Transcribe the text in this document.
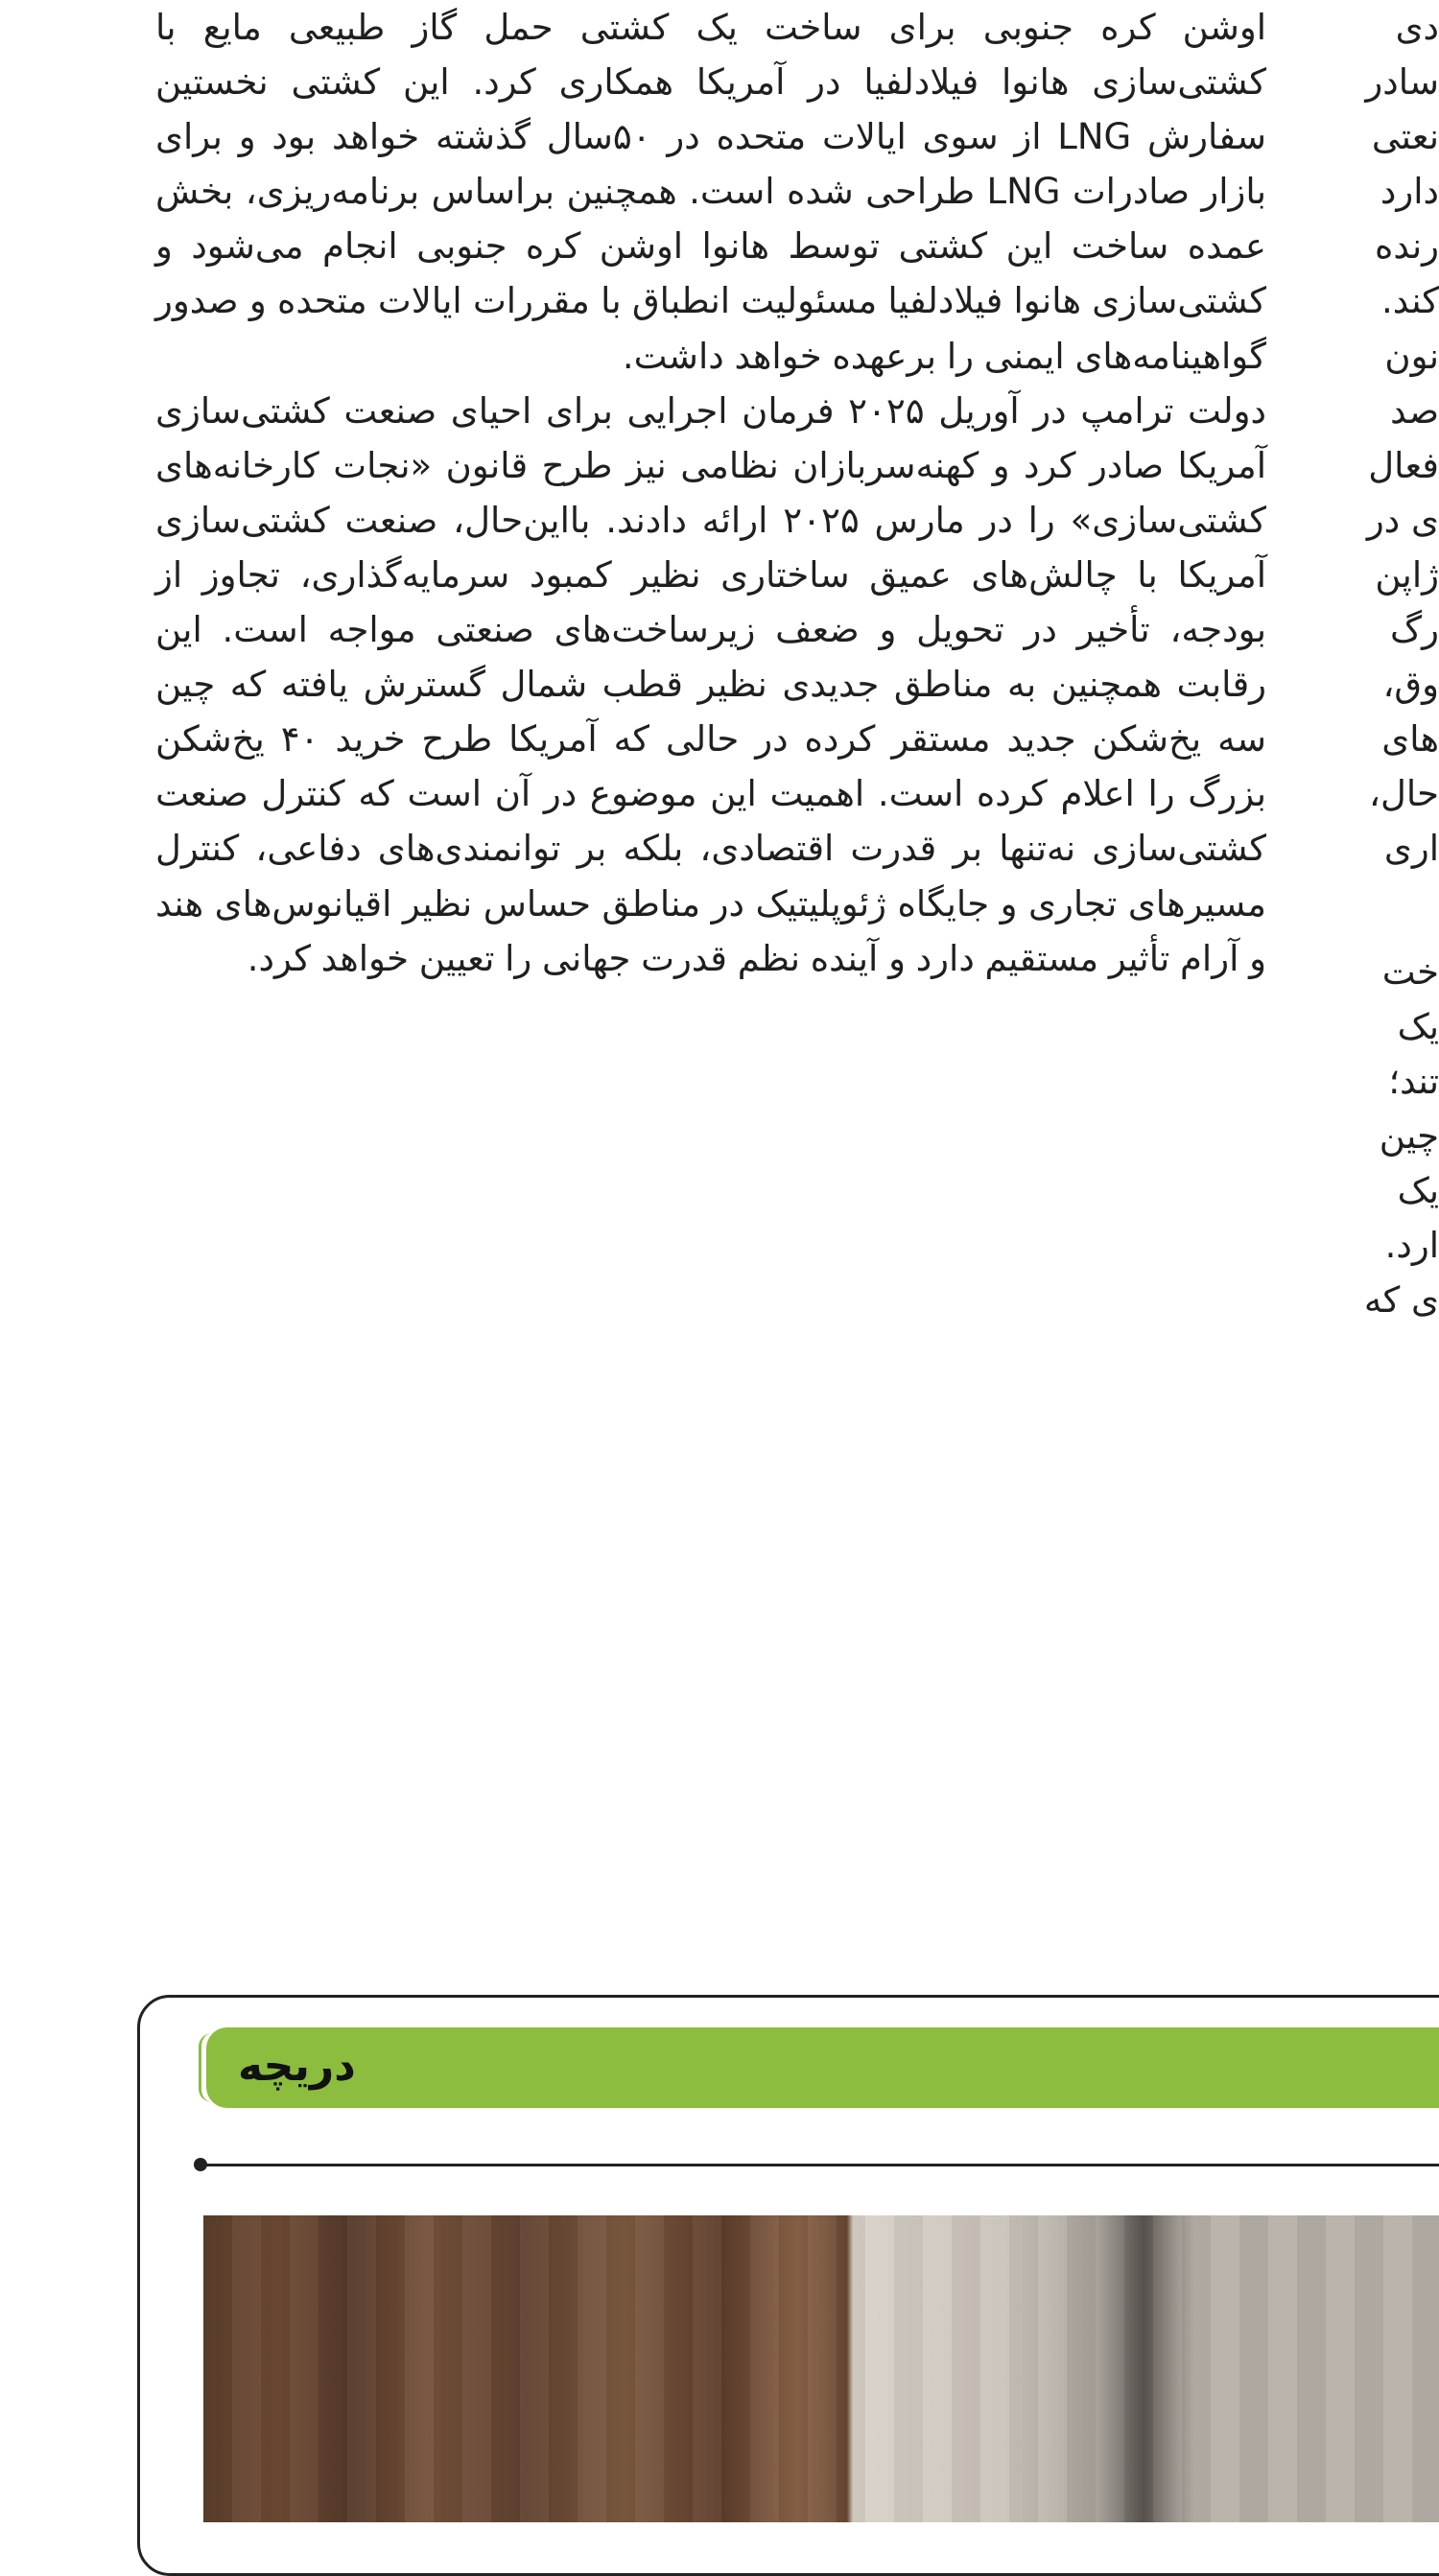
اوشن کره جنوبی برای ساخت یک کشتی حمل گاز طبیعی مایع با کشتی‌سازی هانوا فیلادلفیا در آمریکا همکاری کرد. این کشتی نخستین سفارش LNG از سوی ایالات متحده در ۵۰سال گذشته خواهد بود و برای بازار صادرات LNG طراحی شده است. همچنین براساس برنامه‌ریزی، بخش عمده ساخت این کشتی توسط هانوا اوشن کره جنوبی انجام می‌شود و کشتی‌سازی هانوا فیلادلفیا مسئولیت انطباق با مقررات ایالات متحده و صدور گواهینامه‌های ایمنی را برعهده خواهد داشت.

دولت ترامپ در آوریل ۲۰۲۵ فرمان اجرایی برای احیای صنعت کشتی‌سازی آمریکا صادر کرد و کهنه‌سربازان نظامی نیز طرح قانون «نجات کارخانه‌های کشتی‌سازی» را در مارس ۲۰۲۵ ارائه دادند. بااین‌حال، صنعت کشتی‌سازی آمریکا با چالش‌های عمیق ساختاری نظیر کمبود سرمایه‌گذاری، تجاوز از بودجه، تأخیر در تحویل و ضعف زیرساخت‌های صنعتی مواجه است. این رقابت همچنین به مناطق جدیدی نظیر قطب شمال گسترش یافته که چین سه یخ‌شکن جدید مستقر کرده در حالی که آمریکا طرح خرید ۴۰ یخ‌شکن بزرگ را اعلام کرده است. اهمیت این موضوع در آن است که کنترل صنعت کشتی‌سازی نه‌تنها بر قدرت اقتصادی، بلکه بر توانمندی‌های دفاعی، کنترل مسیرهای تجاری و جایگاه ژئوپلیتیک در مناطق حساس نظیر اقیانوس‌های هند و آرام تأثیر مستقیم دارد و آینده نظم قدرت جهانی را تعیین خواهد کرد.

دی
سادر
نعتی
دارد
رنده
کند.
نون
صد
فعال
ی در
ژاپن
رگ
وق،
های
حال،
اری
خت
یک
تند؛
چین
یک
ارد.
ی که
دریچه
